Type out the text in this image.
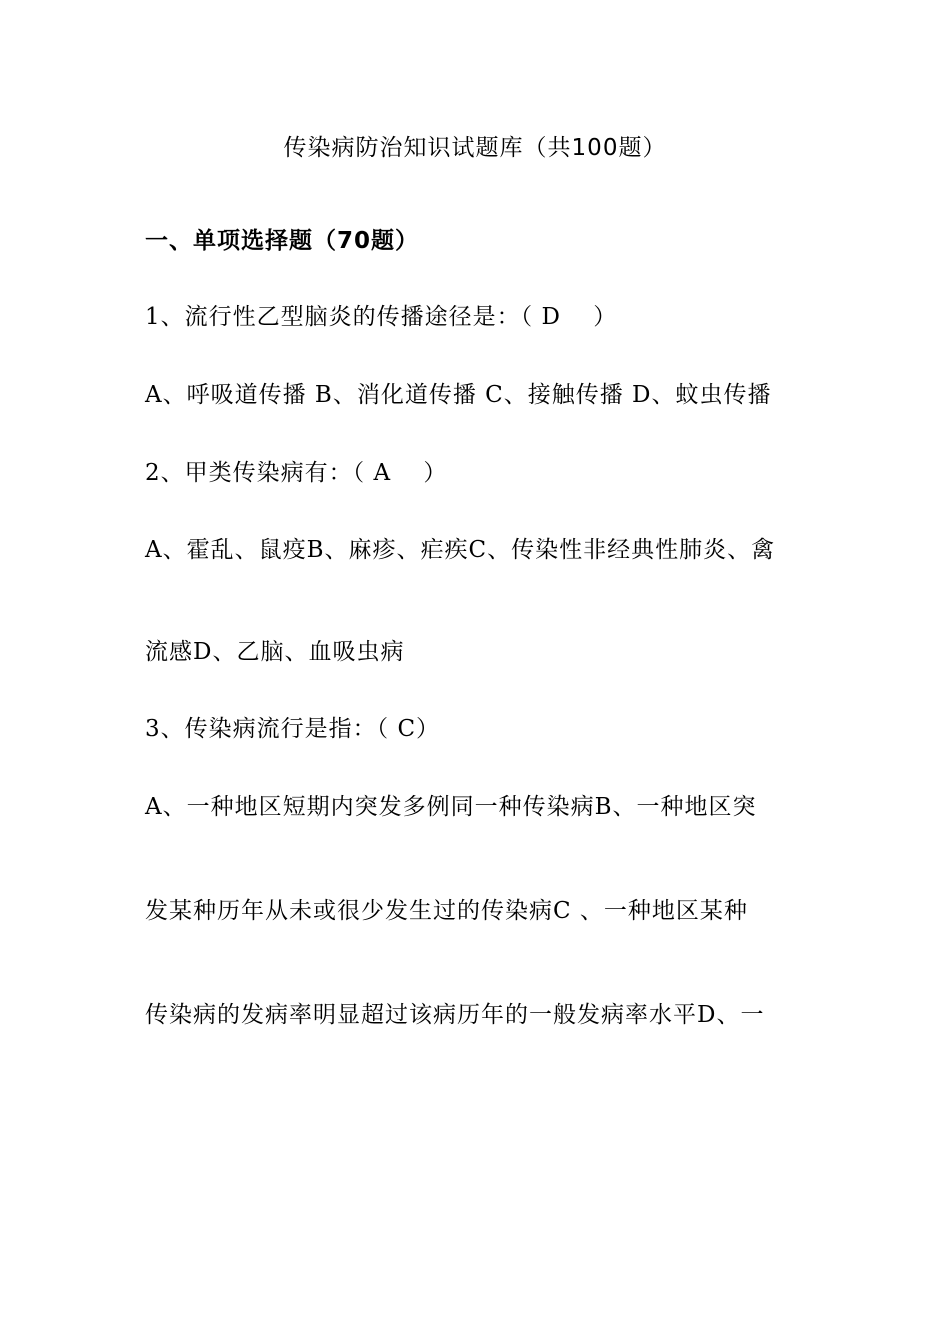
传染病防治知识试题库（共100题）
一、单项选择题（70题）
1、流行性乙型脑炎的传播途径是：（ D　 ）
A、呼吸道传播 B、消化道传播 C、接触传播 D、蚊虫传播
2、甲类传染病有：（ A　 ）
A、霍乱、鼠疫B、麻疹、疟疾C、传染性非经典性肺炎、禽
流感D、乙脑、血吸虫病
3、传染病流行是指：（ C）
A、一种地区短期内突发多例同一种传染病B、一种地区突
发某种历年从未或很少发生过的传染病C 、一种地区某种
传染病的发病率明显超过该病历年的一般发病率水平D、一
